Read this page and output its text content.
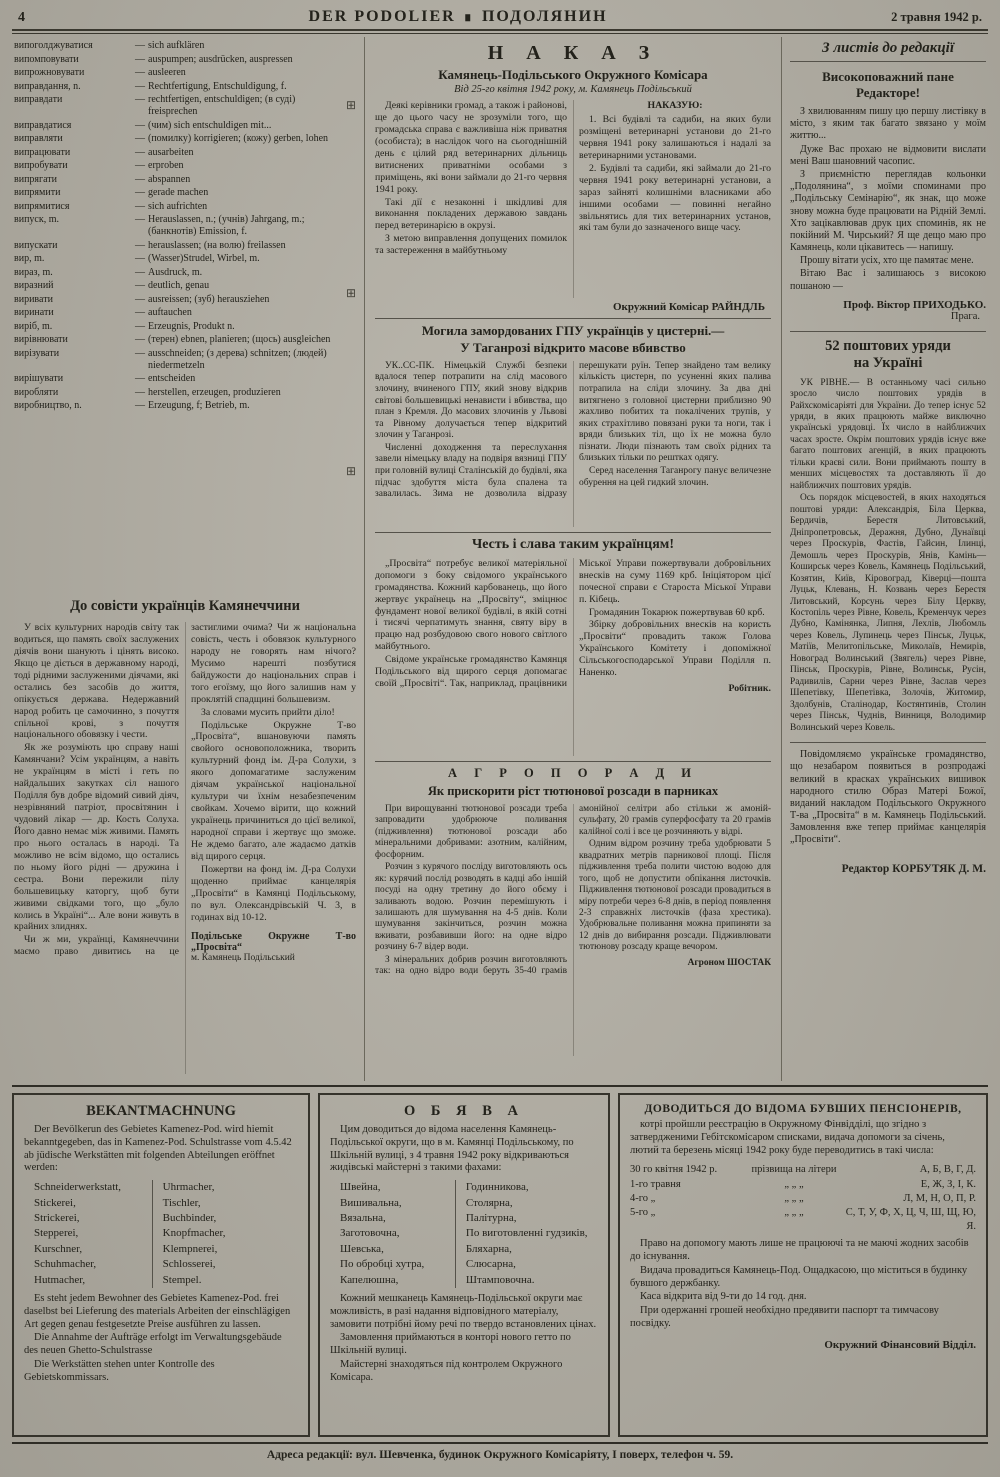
4	DER PODOLIER ∎ ПОДОЛЯНИН	2 травня 1942 р.
випоголджуватися	— sich aufklären
випомповувати	— auspumpen; ausdrücken, auspressen
випрожновувати	— ausleeren
виправдання, n.	— Rechtfertigung, Entschuldigung, f.
виправдати	— rechtfertigen, entschuldigen; (в суді) freisprechen
виправдатися	— (чим) sich entschuldigen mit...
виправляти	— (помилку) korrigieren; (кожу) gerben, lohen
випрацювати	— ausarbeiten
випробувати	— erproben
випрягати	— abspannen
випрямити	— gerade machen
випрямитися	— sich aufrichten
випуск, m.	— Herauslassen, n.; (учнів) Jahrgang, m.; (банкнотів) Emission, f.
випускати	— herauslassen; (на волю) freilassen
вир, m.	— (Wasser)Strudel, Wirbel, m.
вираз, m.	— Ausdruck, m.
виразний	— deutlich, genau
виривати	— ausreissen; (зуб) herausziehen
виринати	— auftauchen
виріб, m.	— Erzeugnis, Produkt n.
вирівнювати	— (терен) ebnen, planieren; (щось) ausgleichen
вирізувати	— ausschneiden; (з дерева) schnitzen; (людей) niedermetzeln
вирішувати	— entscheiden
виробляти	— herstellen, erzeugen, produzieren
виробництво, n.	— Erzeugung, f; Betrieb, m.
⊞
⊞
⊞
До совісти українців Камянеччини

У всіх культурних народів світу так водиться, що память своїх заслужених діячів вони шанують і цінять високо. Якщо це діється в державному народі, тоді рідними заслуженими діячами, які остались без засобів до життя, опікується держава. Недержавний народ робить це самочинно, з почуття спільної крові, з почуття національного обовязку і чести.

Як же розуміють цю справу наші Камянчани? Усім українцям, а навіть не українцям в місті і геть по найдальших закутках сіл нашого Поділля був добре відомий сивий діяч, незрівняний патріот, просвітянин і чудовий лікар — др. Кость Солуха. Його давно немає між живими. Память про нього осталась в народі. Та можливо не всім відомо, що остались по ньому його рідні — дружина і сестра. Вони пережили пілу большевицьку каторгу, щоб бути живими свідками того, що „було колись в Україні“... Але вони живуть в крайних злиднях.

Чи ж ми, українці, Камянеччини маємо право дивитись на це застиглими очима? Чи ж національна совість, честь і обовязок культурного народу не говорять нам нічого? Мусимо нарешті позбутися байдужости до національних справ і того егоїзму, що його залишив нам у проклятій спадщині большевизм.

За словами мусить прийти діло!

Подільське Окружне Т-во „Просвіта“, вшановуючи память свойого основоположника, творить культурний фонд ім. Д-ра Солухи, з якого допомагатиме заслуженим діячам української національної культури чи їхнім незабезпеченим свойкам. Хочемо вірити, що кожний українець причиниться до цієї великої, народної справи і жертвує що зможе. Не ждемо багато, але жадаємо датків від щирого серця.

Пожертви на фонд ім. Д-ра Солухи щоденно приймає канцелярія „Просвіти“ в Камянці Подільському, по вул. Олександрівській Ч. 3, в годинах від 10-12.

Подільське Окружне Т-во „Просвіта“

м. Камянець Подільський

Н А К А З
Камянець-Подільського Окружного Комісара

Від 25-го квітня 1942 року, м. Камянець Подільський

Деякі керівники громад, а також і районові, ще до цього часу не зрозуміли того, що громадська справа є важливіша ніж приватня (особиста); в наслідок чого на сьогоднішній день є цілий ряд ветеринарних дільниць витиснених приватніми особами з приміщень, які вони займали до 21-го червня 1941 року.

Такі дії є незаконні і шкідливі для виконання покладених державою завдань перед ветеринарією в окрузі.

З метою виправлення допущених помилок та застереження в майбутньому

НАКАЗУЮ:

1. Всі будівлі та садиби, на яких були розміщені ветеринарні установи до 21-го червня 1941 року залишаються і надалі за ветеринарними установами.

2. Будівлі та садиби, які займали до 21-го червня 1941 року ветеринарні установи, а зараз зайняті колишніми власниками або іншими особами — повинні негайно звільнятись для тих ветеринарних установ, які там були до зазначеного вище часу.

Окружний Комісар РАЙНДЛЬ

Могила замордованих ГПУ українців у цистерні.—
У Таганрозі відкрито масове вбивство

УК..СС-ПК. Німецькій Службі безпеки вдалося тепер потрапити на слід масового злочину, вчиненого ГПУ, який знову відкрив світові большевицькі ненависти і вбивства, що план з Кремля. До масових злочинів у Львові та Рівному долучається тепер відкритий злочин у Таганрозі.

Численні доходження та переслухання завели німецьку владу на подвіря вязниці ГПУ при головній вулиці Сталінській до будівлі, яка підчас здобуття міста була спалена та завалилась. Зима не дозволила відразу перешукати руїн. Тепер знайдено там велику кількість цистерн, по усуненні яких палива потрапила на сліди злочину. За два дні витягнено з головної цистерни приблизно 90 жахливо побитих та покалічених трупів, у яких страхітливо повязані руки та ноги, так і вряди близьких тіл, що їх не можна було пізнати. Люди пізнають там своїх рідних та близьких тільки по рештках одягу.

Серед населення Таганрогу панує величезне обурення на цей гидкий злочин.

Честь і слава таким українцям!

„Просвіта“ потребує великої матеріяльної допомоги з боку свідомого українського громадянства. Кожний карбованець, що його жертвує українець на „Просвіту“, зміцнює фундамент нової великої будівлі, в якій сотні і тисячі черпатимуть знання, святу віру в працю над розбудовою свого нового світлого майбутнього.

Свідоме українське громадянство Камянця Подільського від щирого серця допомагає своїй „Просвіті“. Так, наприклад, працівники Міської Управи пожертвували добровільних внесків на суму 1169 крб. Ініціятором цієї почесної справи є Староста Міської Управи п. Кібець.

Громадянин Токарюк пожертвував 60 крб.

Збірку добровільних внесків на користь „Просвіти“ провадить також Голова Українського Комітету і допоміжної Сільськогосподарської Управи Поділля п. Наненко.

Робітник.

А Г Р О П О Р А Д И
Як прискорити ріст тютюнової розсади в парниках

При вирощуванні тютюнової розсади треба запровадити удобрююче поливання (підживлення) тютюнової розсади або мінеральними добривами: азотним, калійним, фосфорним.

Розчин з курячого посліду виготовляють ось як: курячий послід розводять в кадці або іншій посуді на одну третину до його обєму і заливають водою. Розчин перемішують і залишають для шумування на 4-5 днів. Коли шумування закінчиться, розчин можна вживати, розбавивши його: на одне відро розчину 6-7 відер води.

З мінеральних добрив розчин виготовляють так: на одно відро води беруть 35-40 грамів амонійної селітри або стільки ж амоній-сульфату, 20 грамів суперфосфату та 20 грамів калійної солі і все це розчиняють у відрі.

Одним відром розчину треба удобрювати 5 квадратних метрів парникової площі. Після підживлення треба полити чистою водою для того, щоб не допустити обпікання листочків. Підживлення тютюнової розсади провадиться в міру потреби через 6-8 днів, в період появлення 2-3 справжніх листочків (фаза хрестика). Удобрювальне поливання можна припиняти за 12 днів до вибирання розсади. Підживлювати тютюнову розсаду краще вечором.

Агроном ШОСТАК

З листів до редакції
Високоповажний пане Редакторе!

З хвилюванням пишу цю першу листівку в місто, з яким так багато звязано у моїм життю...

Дуже Вас прохаю не відмовити вислати мені Ваш шановний часопис.

З приємністю переглядав кольонки „Подолянина“, з моїми споминами про „Подільську Семінарію“, як знак, що може знову можна буде працювати на Рідній Землі. Хто зацікавлював друк цих споминів, як не покійний М. Чирський? Я ще дещо маю про Камянець, коли цікавитесь — напишу.

Прошу вітати усіх, хто ще памятає мене.

Вітаю Вас і залишаюсь з високою пошаною —

Проф. Віктор ПРИХОДЬКО.

Прага.

52 поштових уряди
на Україні

УК РІВНЕ.— В останньому часі сильно зросло число поштових урядів в Райхскомісаріяті для України. До тепер існує 52 уряди, в яких працюють майже виключно українські урядовці. Їх число в найближчих часах зросте. Окрім поштових урядів існує вже багато поштових агенцій, в яких працюють тільки краєві сили. Вони приймають пошту в менших місцевостях та доставляють її до найближчих поштових урядів.

Ось порядок місцевостей, в яких находяться поштові уряди: Александрія, Біла Церква, Бердичів, Берестя Литовський, Дніпропетровськ, Деражня, Дубно, Дунаївці через Проскурів, Фастів, Гайсин, Ілинці, Демошль через Проскурів, Янів, Камінь—Коширськ через Ковель, Камянець Подільський, Козятин, Київ, Кіровоград, Ківерці—пошта Луцьк, Клевань, Н. Козвань через Берестя Литовський, Корсунь через Білу Церкву, Костопіль через Рівне, Ковель, Кременчук через Дубно, Камінянка, Липня, Лехлів, Любомль через Ковель, Лупинець через Пінськ, Луцьк, Матіїв, Мелитопільське, Миколаїв, Немирів, Новоград Волинський (Звягель) через Рівне, Пінськ, Проскурів, Рівне, Волинськ, Русін, Радивилів, Сарни через Рівне, Заслав через Шепетівку, Шепетівка, Золочів, Житомир, Здолбунів, Сталінодар, Костянтинів, Столин через Пінськ, Чуднів, Винниця, Володимир Волинський через Ковель.

Повідомляємо українське громадянство, що незабаром появиться в розпродажі великий в красках українських вишивок народного стилю Образ Матері Божої, виданий накладом Подільського Окружного Т-ва „Просвіта“ в м. Камянець Подільський. Замовлення вже тепер приймає канцелярія „Просвіти“.

Редактор КОРБУТЯК Д. М.

BEKANTMACHNUNG

Der Bevölkerun des Gebietes Kamenez-Pod. wird hiemit bekanntgegeben, das in Kamenez-Pod. Schulstrasse vom 4.5.42 ab jüdische Werkstätten mit folgenden Abteilungen eröffnet werden:

Schneiderwerkstatt,

Stickerei,

Strickerei,

Stepperei,

Kurschner,

Schuhmacher,

Hutmacher,

Uhrmacher,

Tischler,

Buchbinder,

Knopfmacher,

Klempnerei,

Schlosserei,

Stempel.

Es steht jedem Bewohner des Gebietes Kamenez-Pod. frei daselbst bei Lieferung des materials Arbeiten der einschlägigen Art gegen genau festgesetzte Preise ausführen zu lassen.

Die Annahme der Aufträge erfolgt im Verwaltungsgebäude des neuen Ghetto-Schulstrasse

Die Werkstätten stehen unter Kontrolle des Gebietskommissars.

О Б Я В А

Цим доводиться до відома населення Камянець-Подільської округи, що в м. Камянці Подільському, по Шкільній вулиці, з 4 травня 1942 року відкриваються жидівські майстерні з такими фахами:

Швейна,

Вишивальна,

Вязальна,

Заготовочна,

Шевська,

По обробці хутра,

Капелюшна,

Годинникова,

Столярна,

Палітурна,

По виготовленні гудзиків,

Бляхарна,

Слюсарна,

Штамповочна.

Кожний мешканець Камянець-Подільської округи має можливість, в разі надання відповідного матеріалу, замовити потрібні йому речі по твердо встановлених цінах.

Замовлення приймаються в конторі нового гетто по Шкільній вулиці.

Майстерні знаходяться під контролем Окружного Комісара.

ДОВОДИТЬСЯ ДО ВІДОМА БУВШИХ ПЕНСІОНЕРІВ,

котрі пройшли реєстрацію в Окружному Фінвідділі, що згідно з затвердженими Гебітскомісаром списками, видача допомоги за січень, лютий та березень місяці 1942 року буде переводитись в такі числа:

30 го квітня 1942 р.	прізвища на літери	А, Б, В, Г, Д.
1-го травня	„ „ „	Е, Ж, З, І, К.
4-го „	„ „ „	Л, М, Н, О, П, Р.
5-го „	„ „ „	С, Т, У, Ф, Х, Ц, Ч, Ш, Щ, Ю, Я.

Право на допомогу мають лише не працюючі та не маючі жодних засобів до існування.

Видача провадиться Камянець-Под. Ощадкасою, що міститься в будинку бувшого держбанку.

Каса відкрита від 9-ти до 14 год. дня.

При одержанні грошей необхідно предявити паспорт та тимчасову посвідку.

Окружний Фінансовий Відділ.

Адреса редакції: вул. Шевченка, будинок Окружного Комісаріяту, І поверх, телефон ч. 59.
